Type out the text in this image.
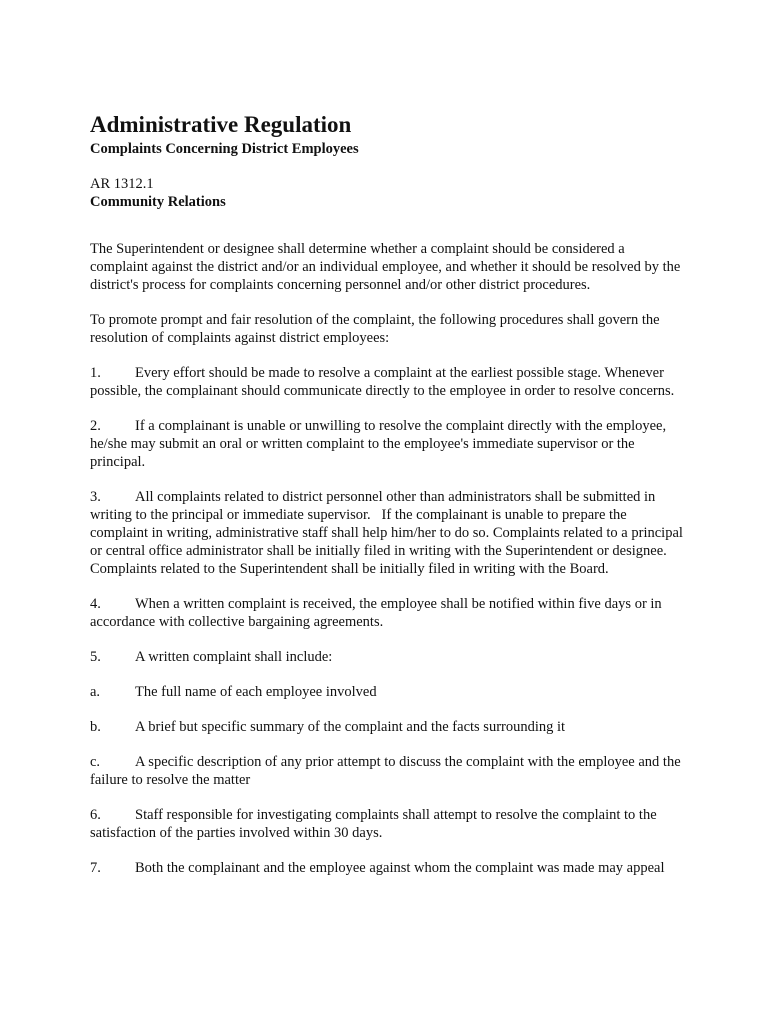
Administrative Regulation
Complaints Concerning District Employees
AR 1312.1
Community Relations

The Superintendent or designee shall determine whether a complaint should be considered a complaint against the district and/or an individual employee, and whether it should be resolved by the district's process for complaints concerning personnel and/or other district procedures.

To promote prompt and fair resolution of the complaint, the following procedures shall govern the resolution of complaints against district employees:

1. Every effort should be made to resolve a complaint at the earliest possible stage. Whenever possible, the complainant should communicate directly to the employee in order to resolve concerns.

2. If a complainant is unable or unwilling to resolve the complaint directly with the employee, he/she may submit an oral or written complaint to the employee's immediate supervisor or the principal.

3. All complaints related to district personnel other than administrators shall be submitted in writing to the principal or immediate supervisor.   If the complainant is unable to prepare the complaint in writing, administrative staff shall help him/her to do so. Complaints related to a principal or central office administrator shall be initially filed in writing with the Superintendent or designee. Complaints related to the Superintendent shall be initially filed in writing with the Board.

4. When a written complaint is received, the employee shall be notified within five days or in accordance with collective bargaining agreements.

5. A written complaint shall include:

a. The full name of each employee involved

b. A brief but specific summary of the complaint and the facts surrounding it

c. A specific description of any prior attempt to discuss the complaint with the employee and the failure to resolve the matter

6. Staff responsible for investigating complaints shall attempt to resolve the complaint to the satisfaction of the parties involved within 30 days.

7. Both the complainant and the employee against whom the complaint was made may appeal
